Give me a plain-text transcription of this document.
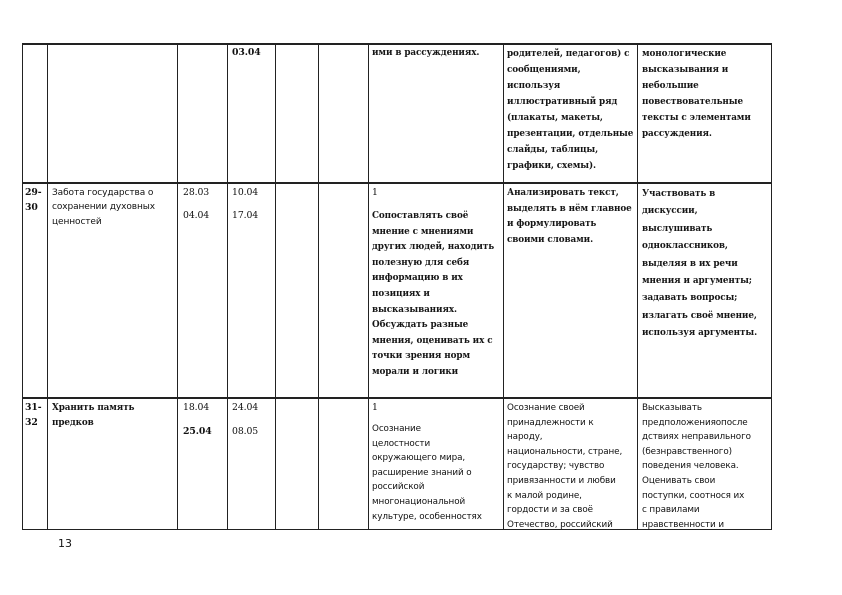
03.04	ими в рассуждениях.	родителей, педагогов) с
сообщениями,
используя
иллюстративный ряд
(плакаты, макеты,
презентации, отдельные
слайды, таблицы,
графики, схемы).
монологические
высказывания и
небольшие
повествовательные
тексты с элементами
рассуждения.
29-
30
Забота государства о
сохранении духовных
ценностей
28.03
04.04
10.04
17.04
1
Сопоставлять своё
мнение с мнениями
других людей, находить
полезную для себя
информацию в их
позициях и
высказываниях.
Обсуждать разные
мнения, оценивать их с
точки зрения норм
морали и логики
Анализировать текст,
выделять в нём главное
и формулировать
своими словами.
Участвовать в
дискуссии,
выслушивать
одноклассников,
выделяя в их речи
мнения и аргументы;
задавать вопросы;
излагать своё мнение,
используя аргументы.
31-
32
Хранить память
предков
18.04
25.04
24.04
08.05
1
Осознание
целостности
окружающего мира,
расширение знаний о
российской
многонациональной
культуре, особенностях
Осознание своей
принадлежности к
народу,
национальности, стране,
государству; чувство
привязанности и любви
к малой родине,
гордости и за своё
Отечество, российский
Высказывать
предположенияопосле
дствиях неправильного
(безнравственного)
поведения человека.
Оценивать свои
поступки, соотнося их
с правилами
нравственности и
13
